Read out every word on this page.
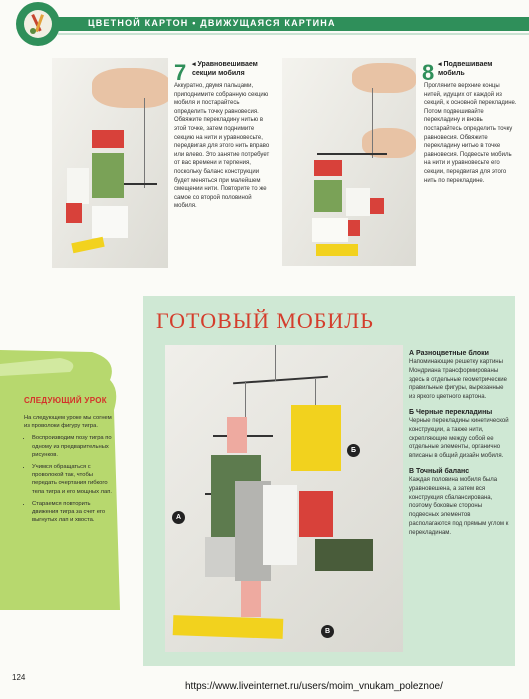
ЦВЕТНОЙ КАРТОН • ДВИЖУЩАЯСЯ КАРТИНА
7 ◂ Уравновешиваем секции мобиля
Аккуратно, двумя пальцами, приподнимите собранную секцию мобиля и постарайтесь определить точку равновесия. Обвяжите перекладину нитью в этой точке, затем поднимите секцию на нити и уравновесьте, передвигая для этого нить вправо или влево. Это занятие потребует от вас времени и терпения, поскольку баланс конструкции будет меняться при малейшем смещении нити. Повторите то же самое со второй половиной мобиля.
8 ◂ Подвешиваем мобиль
Прогляните верхние концы нитей, идущих от каждой из секций, к основной перекладине. Потом подвешивайте перекладину и вновь постарайтесь определить точку равновесия. Обвяжите перекладину нитью в точке равновесия. Подвесьте мобиль на нити и уравновесьте его секции, передвигая для этого нить по перекладине.
СЛЕДУЮЩИЙ УРОК
На следующем уроке мы согнем из проволоки фигуру тигра.
• Воспроизводим позу тигра по одному из предварительных рисунков.
• Учимся обращаться с проволокой так, чтобы передать очертания гибкого тела тигра и его мощных лап.
• Стараемся повторить движения тигра за счет его выгнутых лап и хвоста.
ГОТОВЫЙ МОБИЛЬ
А
Б
В
А Разноцветные блоки
Напоминающие решетку картины Мондриана трансформированы здесь в отдельные геометрические правильные фигуры, вырезанные из яркого цветного картона.
Б Черные перекладины
Черные перекладины кинетической конструкции, а также нити, скрепляющие между собой ее отдельные элементы, органично вписаны в общий дизайн мобиля.
В Точный баланс
Каждая половина мобиля была уравновешена, а затем вся конструкция сбалансирована, поэтому боковые стороны подвесных элементов располагаются под прямым углом к перекладинам.
124
https://www.liveinternet.ru/users/moim_vnukam_poleznoe/
